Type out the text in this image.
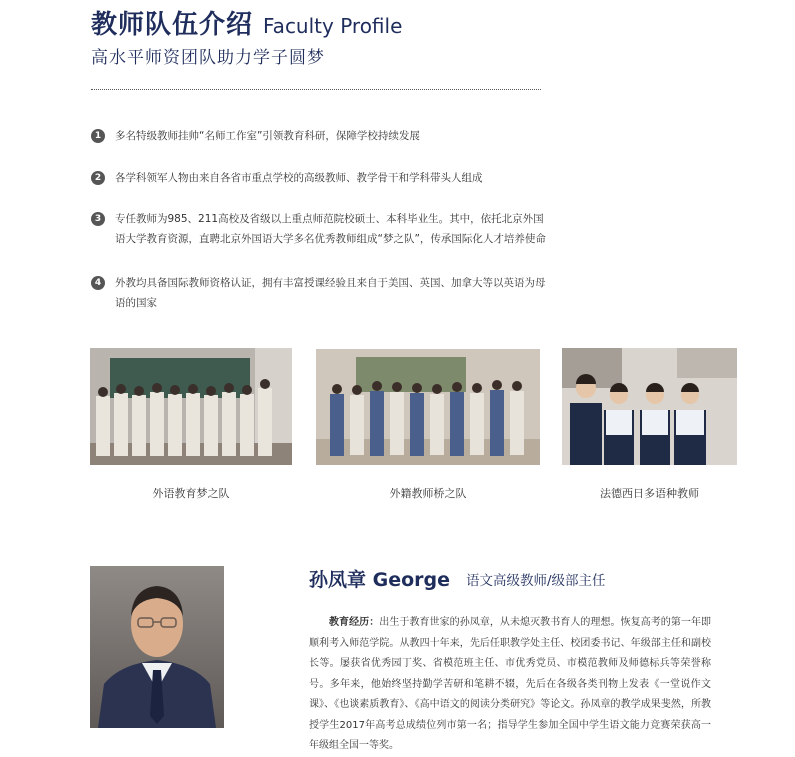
教师队伍介绍 Faculty Profile
高水平师资团队助力学子圆梦
1	多名特级教师挂帅“名师工作室”引领教育科研，保障学校持续发展
2	各学科领军人物由来自各省市重点学校的高级教师、教学骨干和学科带头人组成
3	专任教师为985、211高校及省级以上重点师范院校硕士、本科毕业生。其中，依托北京外国语大学教育资源，直聘北京外国语大学多名优秀教师组成“梦之队”，传承国际化人才培养使命
4	外教均具备国际教师资格认证，拥有丰富授课经验且来自于美国、英国、加拿大等以英语为母语的国家
外语教育梦之队	外籍教师桥之队	法德西日多语种教师
孙凤章 George 语文高级教师/级部主任
教育经历：出生于教育世家的孙凤章，从未熄灭教书育人的理想。恢复高考的第一年即顺利考入师范学院。从教四十年来，先后任职教学处主任、校团委书记、年级部主任和副校长等。屡获省优秀园丁奖、省模范班主任、市优秀党员、市模范教师及师德标兵等荣誉称号。多年来，他始终坚持勤学苦研和笔耕不辍，先后在各级各类刊物上发表《一堂说作文课》、《也谈素质教育》、《高中语文的阅读分类研究》等论文。孙凤章的教学成果斐然，所教授学生2017年高考总成绩位列市第一名；指导学生参加全国中学生语文能力竞赛荣获高一年级组全国一等奖。
